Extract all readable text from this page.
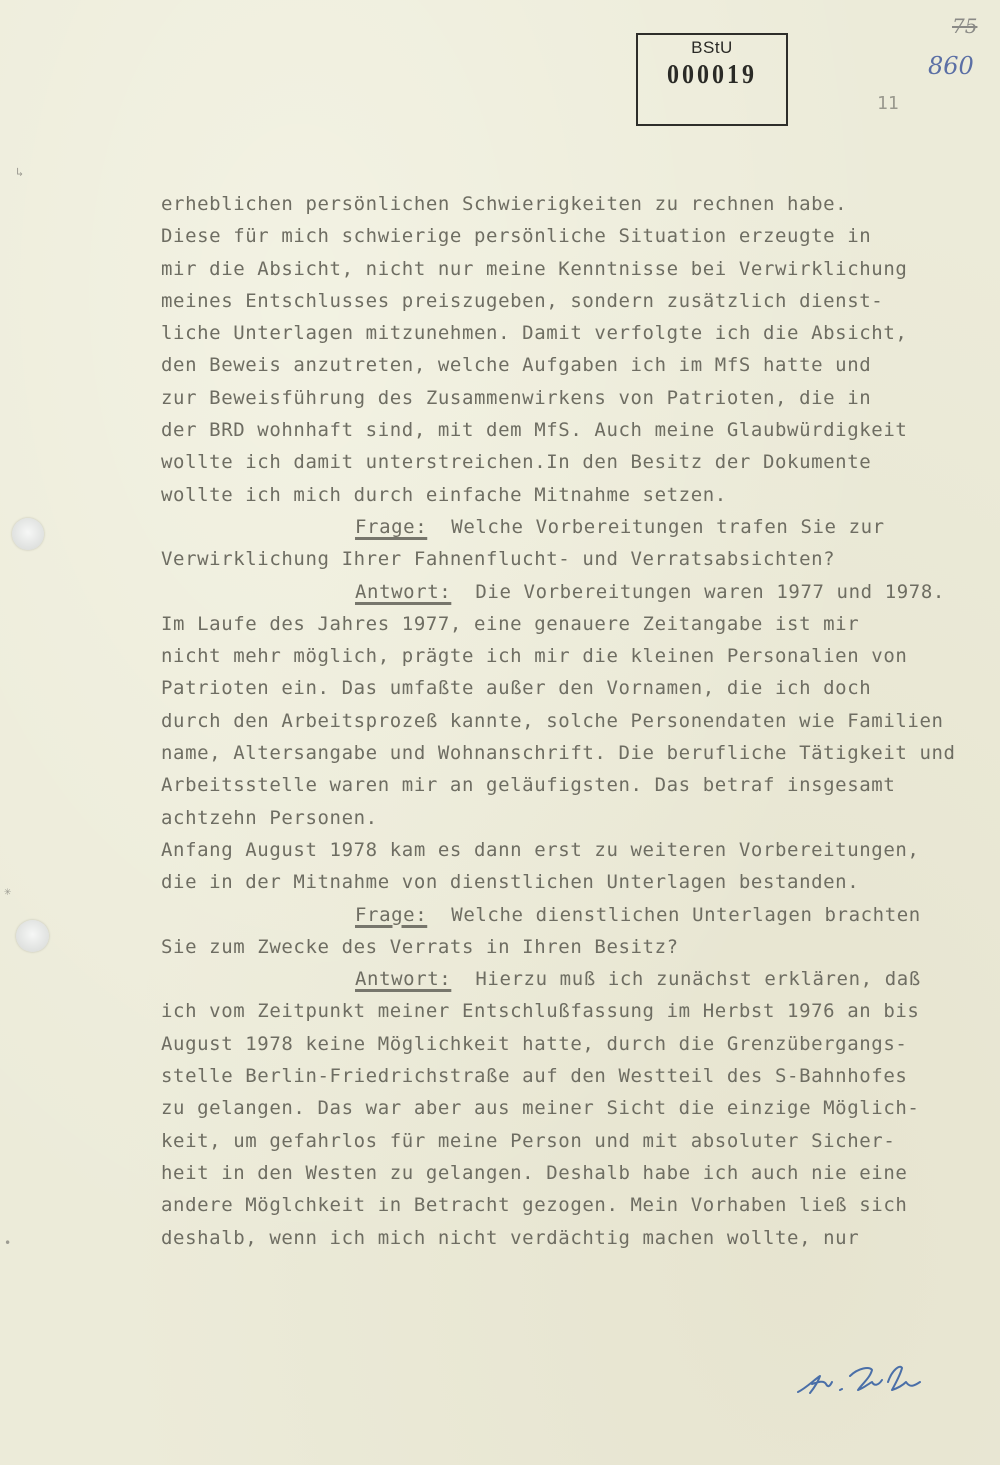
↳
✳
•
BStU
000019
75
860
11
erheblichen persönlichen Schwierigkeiten zu rechnen habe.
Diese für mich schwierige persönliche Situation erzeugte in
mir die Absicht, nicht nur meine Kenntnisse bei Verwirklichung
meines Entschlusses preiszugeben, sondern zusätzlich dienst-
liche Unterlagen mitzunehmen. Damit verfolgte ich die Absicht,
den Beweis anzutreten, welche Aufgaben ich im MfS hatte und
zur Beweisführung des Zusammenwirkens von Patrioten, die in
der BRD wohnhaft sind, mit dem MfS. Auch meine Glaubwürdigkeit
wollte ich damit unterstreichen.In den Besitz der Dokumente
wollte ich mich durch einfache Mitnahme setzen.
Frage:  Welche Vorbereitungen trafen Sie zur
Verwirklichung Ihrer Fahnenflucht- und Verratsabsichten?
Antwort:  Die Vorbereitungen waren 1977 und 1978.
Im Laufe des Jahres 1977, eine genauere Zeitangabe ist mir
nicht mehr möglich, prägte ich mir die kleinen Personalien von
Patrioten ein. Das umfaßte außer den Vornamen, die ich doch
durch den Arbeitsprozeß kannte, solche Personendaten wie Familien
name, Altersangabe und Wohnanschrift. Die berufliche Tätigkeit und
Arbeitsstelle waren mir an geläufigsten. Das betraf insgesamt
achtzehn Personen.
Anfang August 1978 kam es dann erst zu weiteren Vorbereitungen,
die in der Mitnahme von dienstlichen Unterlagen bestanden.
Frage:  Welche dienstlichen Unterlagen brachten
Sie zum Zwecke des Verrats in Ihren Besitz?
Antwort:  Hierzu muß ich zunächst erklären, daß
ich vom Zeitpunkt meiner Entschlußfassung im Herbst 1976 an bis
August 1978 keine Möglichkeit hatte, durch die Grenzübergangs-
stelle Berlin-Friedrichstraße auf den Westteil des S-Bahnhofes
zu gelangen. Das war aber aus meiner Sicht die einzige Möglich-
keit, um gefahrlos für meine Person und mit absoluter Sicher-
heit in den Westen zu gelangen. Deshalb habe ich auch nie eine
andere Möglchkeit in Betracht gezogen. Mein Vorhaben ließ sich
deshalb, wenn ich mich nicht verdächtig machen wollte, nur
